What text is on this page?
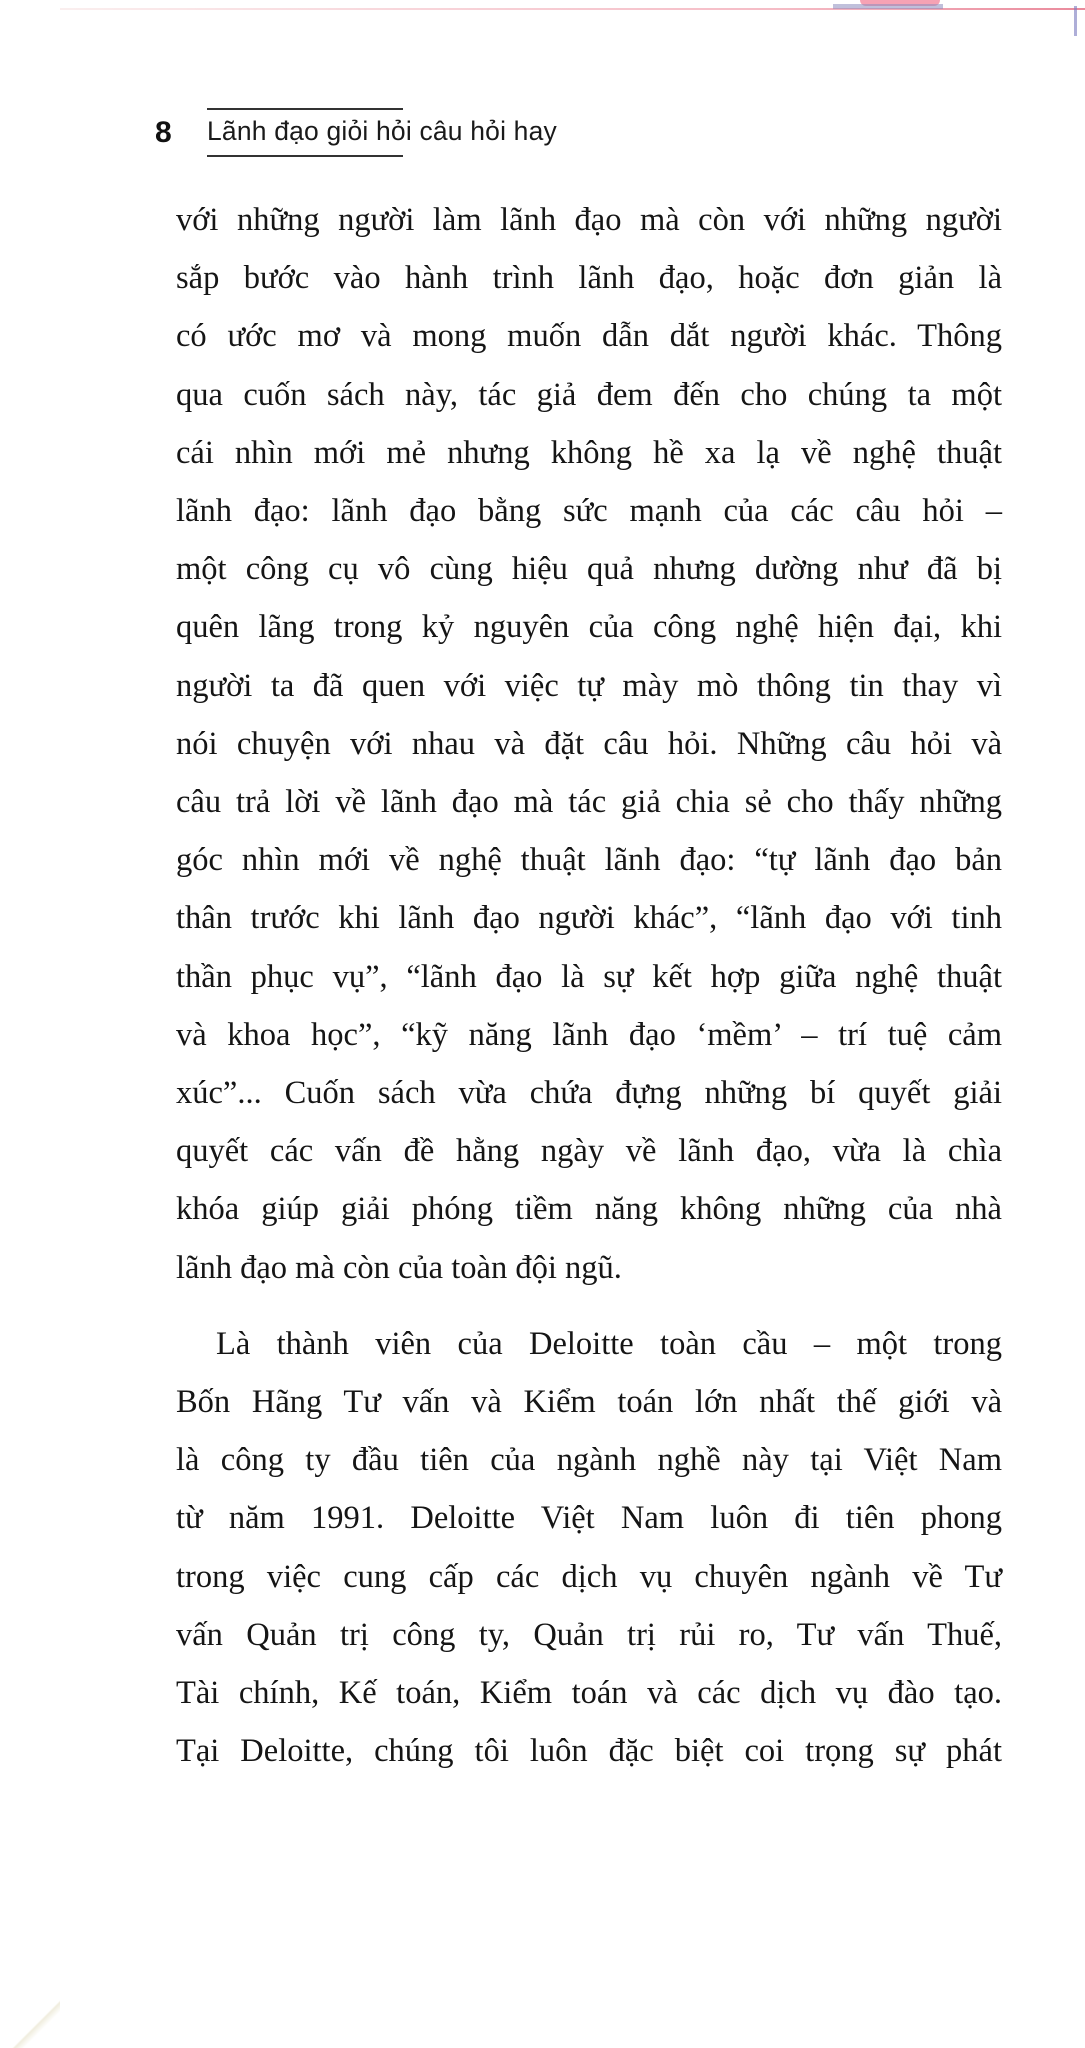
8	Lãnh đạo giỏi hỏi câu hỏi hay

với những người làm lãnh đạo mà còn với những người
sắp bước vào hành trình lãnh đạo, hoặc đơn giản là
có ước mơ và mong muốn dẫn dắt người khác. Thông
qua cuốn sách này, tác giả đem đến cho chúng ta một
cái nhìn mới mẻ nhưng không hề xa lạ về nghệ thuật
lãnh đạo: lãnh đạo bằng sức mạnh của các câu hỏi –
một công cụ vô cùng hiệu quả nhưng dường như đã bị
quên lãng trong kỷ nguyên của công nghệ hiện đại, khi
người ta đã quen với việc tự mày mò thông tin thay vì
nói chuyện với nhau và đặt câu hỏi. Những câu hỏi và
câu trả lời về lãnh đạo mà tác giả chia sẻ cho thấy những
góc nhìn mới về nghệ thuật lãnh đạo: “tự lãnh đạo bản
thân trước khi lãnh đạo người khác”, “lãnh đạo với tinh
thần phục vụ”, “lãnh đạo là sự kết hợp giữa nghệ thuật
và khoa học”, “kỹ năng lãnh đạo ‘mềm’ – trí tuệ cảm
xúc”... Cuốn sách vừa chứa đựng những bí quyết giải
quyết các vấn đề hằng ngày về lãnh đạo, vừa là chìa
khóa giúp giải phóng tiềm năng không những của nhà
lãnh đạo mà còn của toàn đội ngũ.

Là thành viên của Deloitte toàn cầu – một trong
Bốn Hãng Tư vấn và Kiểm toán lớn nhất thế giới và
là công ty đầu tiên của ngành nghề này tại Việt Nam
từ năm 1991. Deloitte Việt Nam luôn đi tiên phong
trong việc cung cấp các dịch vụ chuyên ngành về Tư
vấn Quản trị công ty, Quản trị rủi ro, Tư vấn Thuế,
Tài chính, Kế toán, Kiểm toán và các dịch vụ đào tạo.
Tại Deloitte, chúng tôi luôn đặc biệt coi trọng sự phát
